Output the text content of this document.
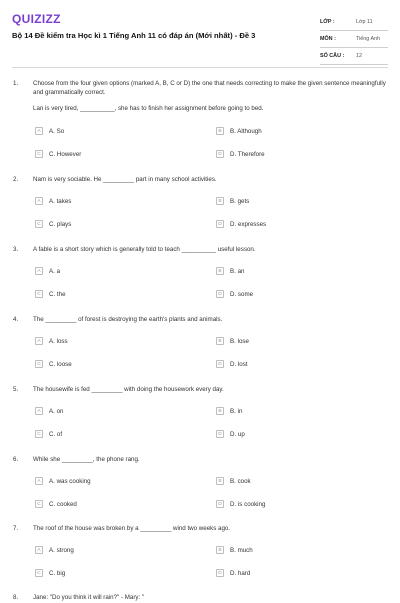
QUIZIZZ
Bộ 14 Đề kiểm tra Học kì 1 Tiếng Anh 11 có đáp án (Mới nhất) - Đề 3
LỚP :	Lớp 11
MÔN :	Tiếng Anh
SỐ CÂU :	12
1. Choose from the four given options (marked A, B, C or D) the one that needs correcting to make the given sentence meaningfully and grammatically correct.
Lan is very tired, __________, she has to finish her assignment before going to bed.
A	A. So	B	B. Although
C	C. However	D	D. Therefore
2. Nam is very sociable. He _________ part in many school activities.
A	A. takes	B	B. gets
C	C. plays	D	D. expresses
3. A fable is a short story which is generally told to teach __________ useful lesson.
A	A. a	B	B. an
C	C. the	D	D. some
4. The _________ of forest is destroying the earth's plants and animals.
A	A. loss	B	B. lose
C	C. loose	D	D. lost
5. The housewife is fed _________ with doing the housework every day.
A	A. on	B	B. in
C	C. of	D	D. up
6. While she _________, the phone rang.
A	A. was cooking	B	B. cook
C	C. cooked	D	D. is cooking
7. The roof of the house was broken by a _________ wind two weeks ago.
A	A. strong	B	B. much
C	C. big	D	D. hard
8. Jane: "Do you think it will rain?" - Mary: "
